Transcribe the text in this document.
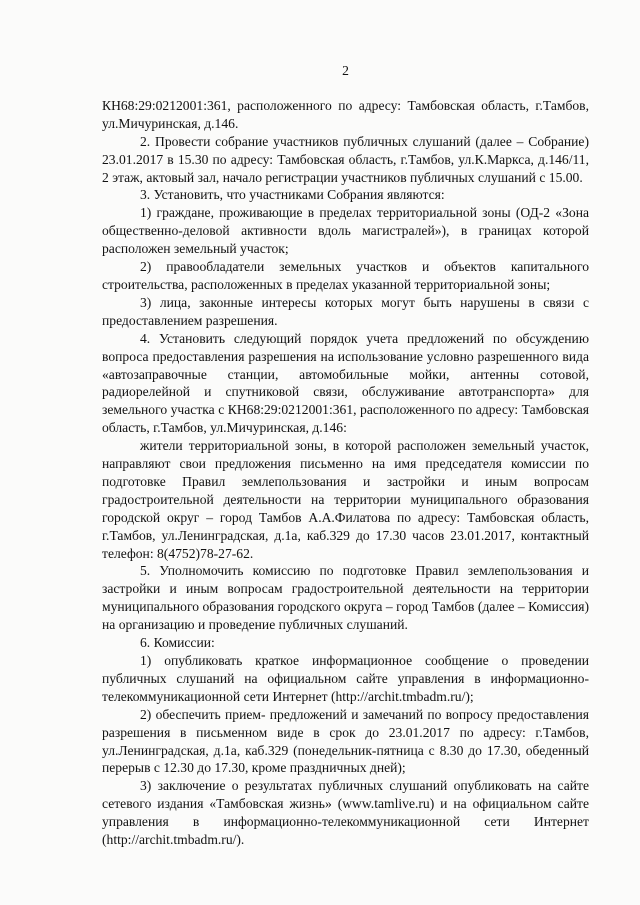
2

КН68:29:0212001:361, расположенного по адресу: Тамбовская область, г.Тамбов, ул.Мичуринская, д.146.

2. Провести собрание участников публичных слушаний (далее – Собрание) 23.01.2017 в 15.30 по адресу: Тамбовская область, г.Тамбов, ул.К.Маркса, д.146/11, 2 этаж, актовый зал, начало регистрации участников публичных слушаний с 15.00.

3. Установить, что участниками Собрания являются:

1) граждане, проживающие в пределах территориальной зоны (ОД-2 «Зона общественно-деловой активности вдоль магистралей»), в границах которой расположен земельный участок;

2) правообладатели земельных участков и объектов капитального строительства, расположенных в пределах указанной территориальной зоны;

3) лица, законные интересы которых могут быть нарушены в связи с предоставлением разрешения.

4. Установить следующий порядок учета предложений по обсуждению вопроса предоставления разрешения на использование условно разрешенного вида «автозаправочные станции, автомобильные мойки, антенны сотовой, радиорелейной и спутниковой связи, обслуживание автотранспорта» для земельного участка с КН68:29:0212001:361, расположенного по адресу: Тамбовская область, г.Тамбов, ул.Мичуринская, д.146:

жители территориальной зоны, в которой расположен земельный участок, направляют свои предложения письменно на имя председателя комиссии по подготовке Правил землепользования и застройки и иным вопросам градостроительной деятельности на территории муниципального образования городской округ – город Тамбов А.А.Филатова по адресу: Тамбовская область, г.Тамбов, ул.Ленинградская, д.1а, каб.329 до 17.30 часов 23.01.2017, контактный телефон: 8(4752)78-27-62.

5. Уполномочить комиссию по подготовке Правил землепользования и застройки и иным вопросам градостроительной деятельности на территории муниципального образования городского округа – город Тамбов (далее – Комиссия) на организацию и проведение публичных слушаний.

6. Комиссии:

1) опубликовать краткое информационное сообщение о проведении публичных слушаний на официальном сайте управления в информационно-телекоммуникационной сети Интернет (http://archit.tmbadm.ru/);

2) обеспечить прием- предложений и замечаний по вопросу предоставления разрешения в письменном виде в срок до 23.01.2017 по адресу: г.Тамбов, ул.Ленинградская, д.1а, каб.329 (понедельник-пятница с 8.30 до 17.30, обеденный перерыв с 12.30 до 17.30, кроме праздничных дней);

3) заключение о результатах публичных слушаний опубликовать на сайте сетевого издания «Тамбовская жизнь» (www.tamlive.ru) и на официальном сайте управления в информационно-телекоммуникационной сети Интернет (http://archit.tmbadm.ru/).
